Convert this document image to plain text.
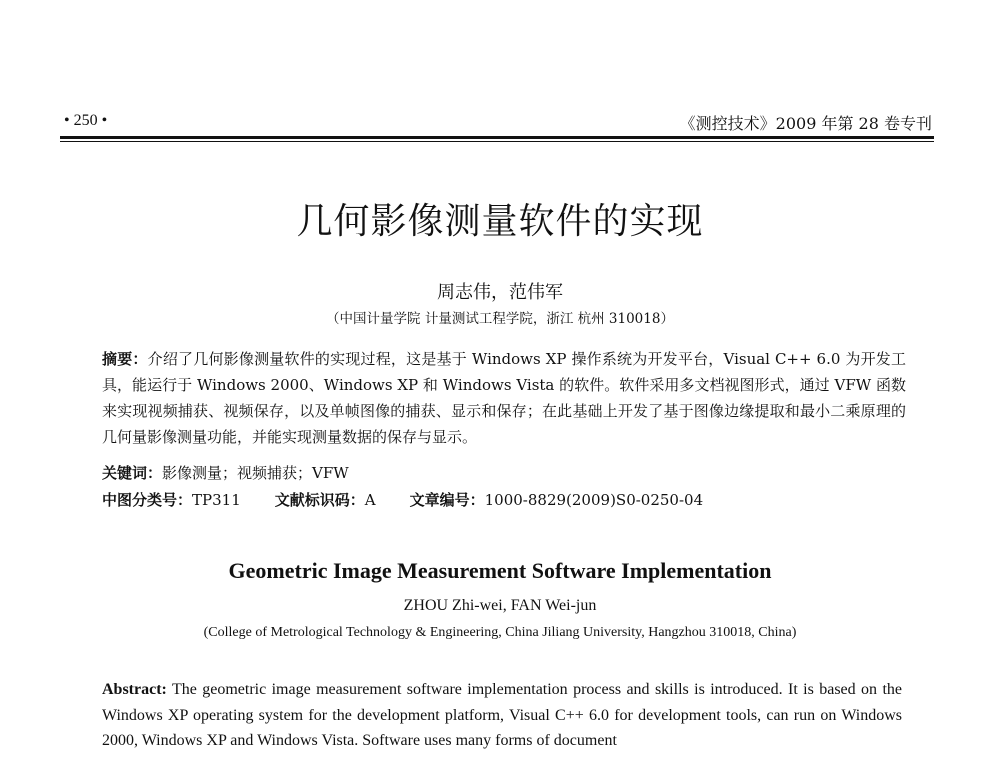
• 250 •	《测控技术》2009 年第 28 卷专刊
几何影像测量软件的实现
周志伟，范伟军
（中国计量学院 计量测试工程学院，浙江 杭州 310018）
摘要：介绍了几何影像测量软件的实现过程，这是基于 Windows XP 操作系统为开发平台，Visual C++ 6.0 为开发工具，能运行于 Windows 2000、Windows XP 和 Windows Vista 的软件。软件采用多文档视图形式，通过 VFW 函数来实现视频捕获、视频保存，以及单帧图像的捕获、显示和保存；在此基础上开发了基于图像边缘提取和最小二乘原理的几何量影像测量功能，并能实现测量数据的保存与显示。
关键词：影像测量；视频捕获；VFW
中图分类号：TP311 文献标识码：A 文章编号：1000-8829(2009)S0-0250-04
Geometric Image Measurement Software Implementation
ZHOU Zhi-wei, FAN Wei-jun
(College of Metrological Technology & Engineering, China Jiliang University, Hangzhou 310018, China)
Abstract: The geometric image measurement software implementation process and skills is introduced. It is based on the Windows XP operating system for the development platform, Visual C++ 6.0 for development tools, can run on Windows 2000, Windows XP and Windows Vista. Software uses many forms of document
